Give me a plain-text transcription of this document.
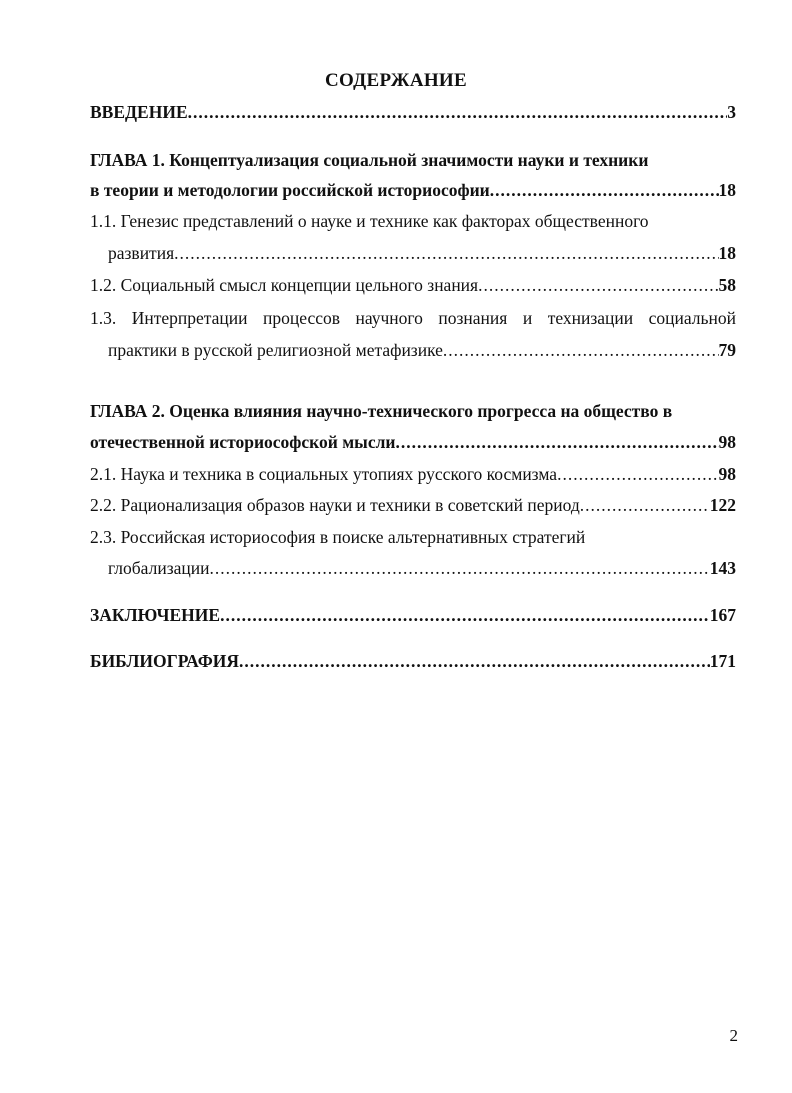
СОДЕРЖАНИЕ
ВВЕДЕНИЕ .....	3
ГЛАВА 1. Концептуализация социальной значимости науки и техники
в теории и методологии российской историософии .....	18
1.1. Генезис представлений о науке и технике как факторах общественного
развития .....	18
1.2. Социальный смысл концепции цельного знания .....	58
1.3. Интерпретации процессов научного познания и технизации социальной
практики в русской религиозной метафизике .....	79
ГЛАВА 2. Оценка влияния научно-технического прогресса на общество в
отечественной историософской мысли .....	98
2.1. Наука и техника в социальных утопиях русского космизма .....	98
2.2. Рационализация образов науки и техники в советский период .....	122
2.3. Российская историософия в поиске альтернативных стратегий
глобализации .....	143
ЗАКЛЮЧЕНИЕ .....	167
БИБЛИОГРАФИЯ .....	171
2
